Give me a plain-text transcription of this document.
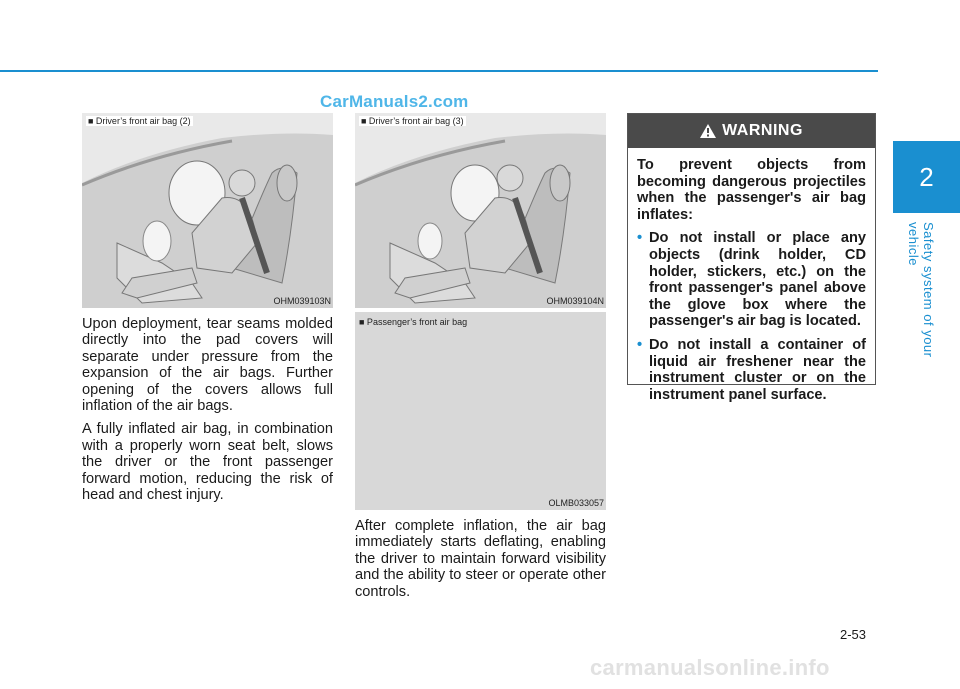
CarManuals2.com
2
Safety system of your vehicle
■ Driver’s front air bag (2)
OHM039103N
■ Driver’s front air bag (3)
OHM039104N
■ Passenger’s front air bag
OLMB033057

Upon deployment, tear seams molded directly into the pad covers will separate under pressure from the expansion of the air bags. Further opening of the covers allows full inflation of the air bags.

A fully inflated air bag, in combination with a properly worn seat belt, slows the driver or the front passenger forward motion, reducing the risk of head and chest injury.

After complete inflation, the air bag immediately starts deflating, enabling the driver to maintain forward visibility and the ability to steer or operate other controls.

WARNING
To prevent objects from becoming dangerous projectiles when the passenger's air bag inflates:
• Do not install or place any objects (drink holder, CD holder, stickers, etc.) on the front passenger's panel above the glove box where the passenger's air bag is located.
• Do not install a container of liquid air freshener near the instrument cluster or on the instrument panel surface.
2-53
carmanualsonline.info
